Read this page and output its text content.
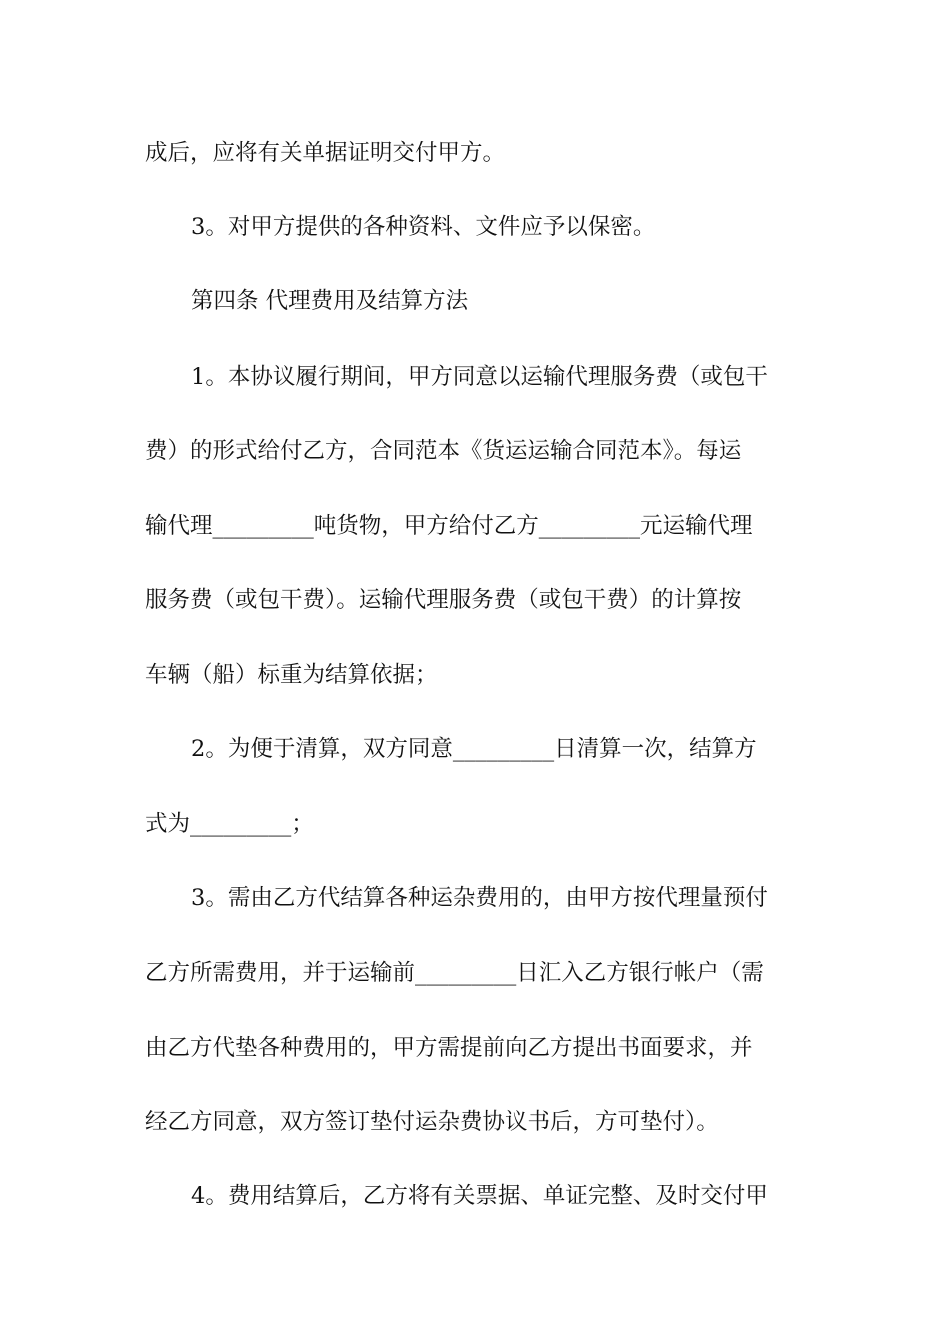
成后，应将有关单据证明交付甲方。

3。对甲方提供的各种资料、文件应予以保密。

第四条 代理费用及结算方法

1。本协议履行期间，甲方同意以运输代理服务费（或包干

费）的形式给付乙方，合同范本《货运运输合同范本》。每运

输代理_________吨货物，甲方给付乙方_________元运输代理

服务费（或包干费）。运输代理服务费（或包干费）的计算按

车辆（船）标重为结算依据；

2。为便于清算，双方同意_________日清算一次，结算方

式为_________；

3。需由乙方代结算各种运杂费用的，由甲方按代理量预付

乙方所需费用，并于运输前_________日汇入乙方银行帐户（需

由乙方代垫各种费用的，甲方需提前向乙方提出书面要求，并

经乙方同意，双方签订垫付运杂费协议书后，方可垫付）。

4。费用结算后，乙方将有关票据、单证完整、及时交付甲
